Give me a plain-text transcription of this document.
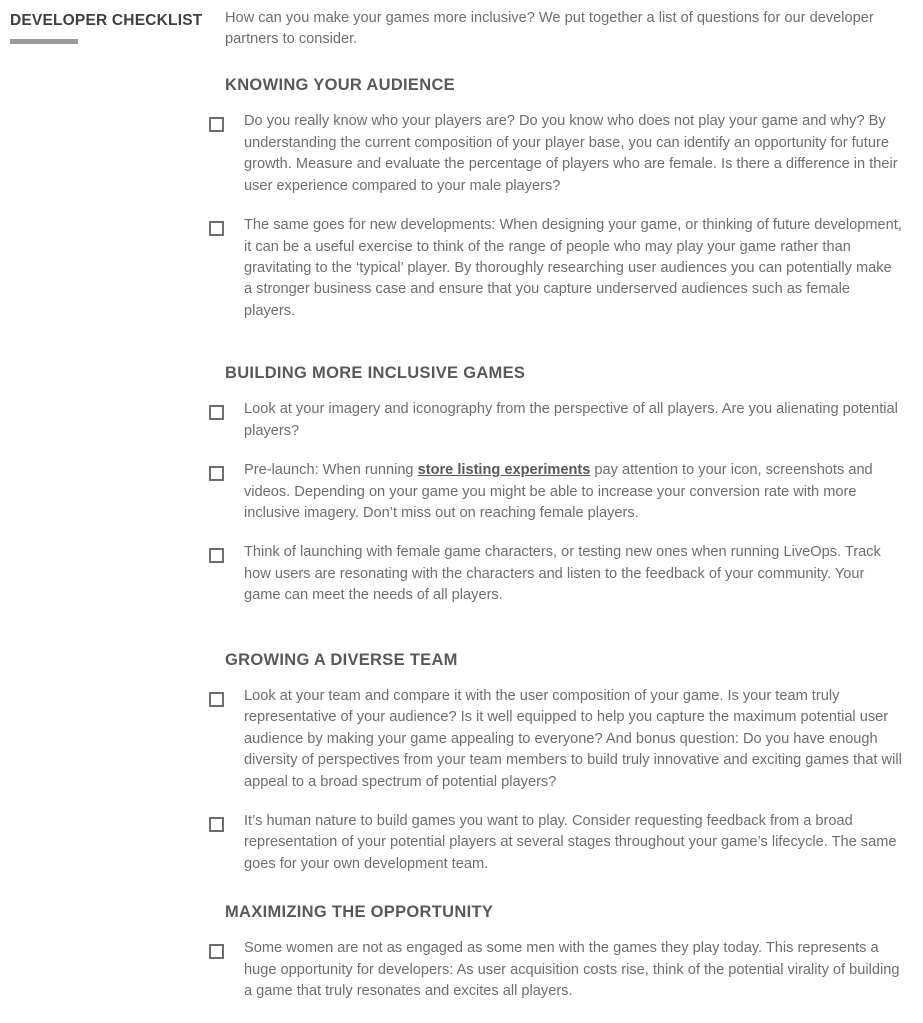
DEVELOPER CHECKLIST	How can you make your games more inclusive? We put together a list of questions for our developer partners to consider.

KNOWING YOUR AUDIENCE
Do you really know who your players are? Do you know who does not play your game and why? By understanding the current composition of your player base, you can identify an opportunity for future growth. Measure and evaluate the percentage of players who are female. Is there a difference in their user experience compared to your male players?
The same goes for new developments: When designing your game, or thinking of future development, it can be a useful exercise to think of the range of people who may play your game rather than gravitating to the ‘typical’ player. By thoroughly researching user audiences you can potentially make a stronger business case and ensure that you capture underserved audiences such as female players.
BUILDING MORE INCLUSIVE GAMES
Look at your imagery and iconography from the perspective of all players. Are you alienating potential players?
Pre-launch: When running store listing experiments pay attention to your icon, screenshots and videos. Depending on your game you might be able to increase your conversion rate with more inclusive imagery. Don’t miss out on reaching female players.
Think of launching with female game characters, or testing new ones when running LiveOps. Track how users are resonating with the characters and listen to the feedback of your community. Your game can meet the needs of all players.
GROWING A DIVERSE TEAM
Look at your team and compare it with the user composition of your game. Is your team truly representative of your audience? Is it well equipped to help you capture the maximum potential user audience by making your game appealing to everyone? And bonus question: Do you have enough diversity of perspectives from your team members to build truly innovative and exciting games that will appeal to a broad spectrum of potential players?
It’s human nature to build games you want to play. Consider requesting feedback from a broad representation of your potential players at several stages throughout your game’s lifecycle. The same goes for your own development team.
MAXIMIZING THE OPPORTUNITY
Some women are not as engaged as some men with the games they play today. This represents a huge opportunity for developers: As user acquisition costs rise, think of the potential virality of building a game that truly resonates and excites all players.
